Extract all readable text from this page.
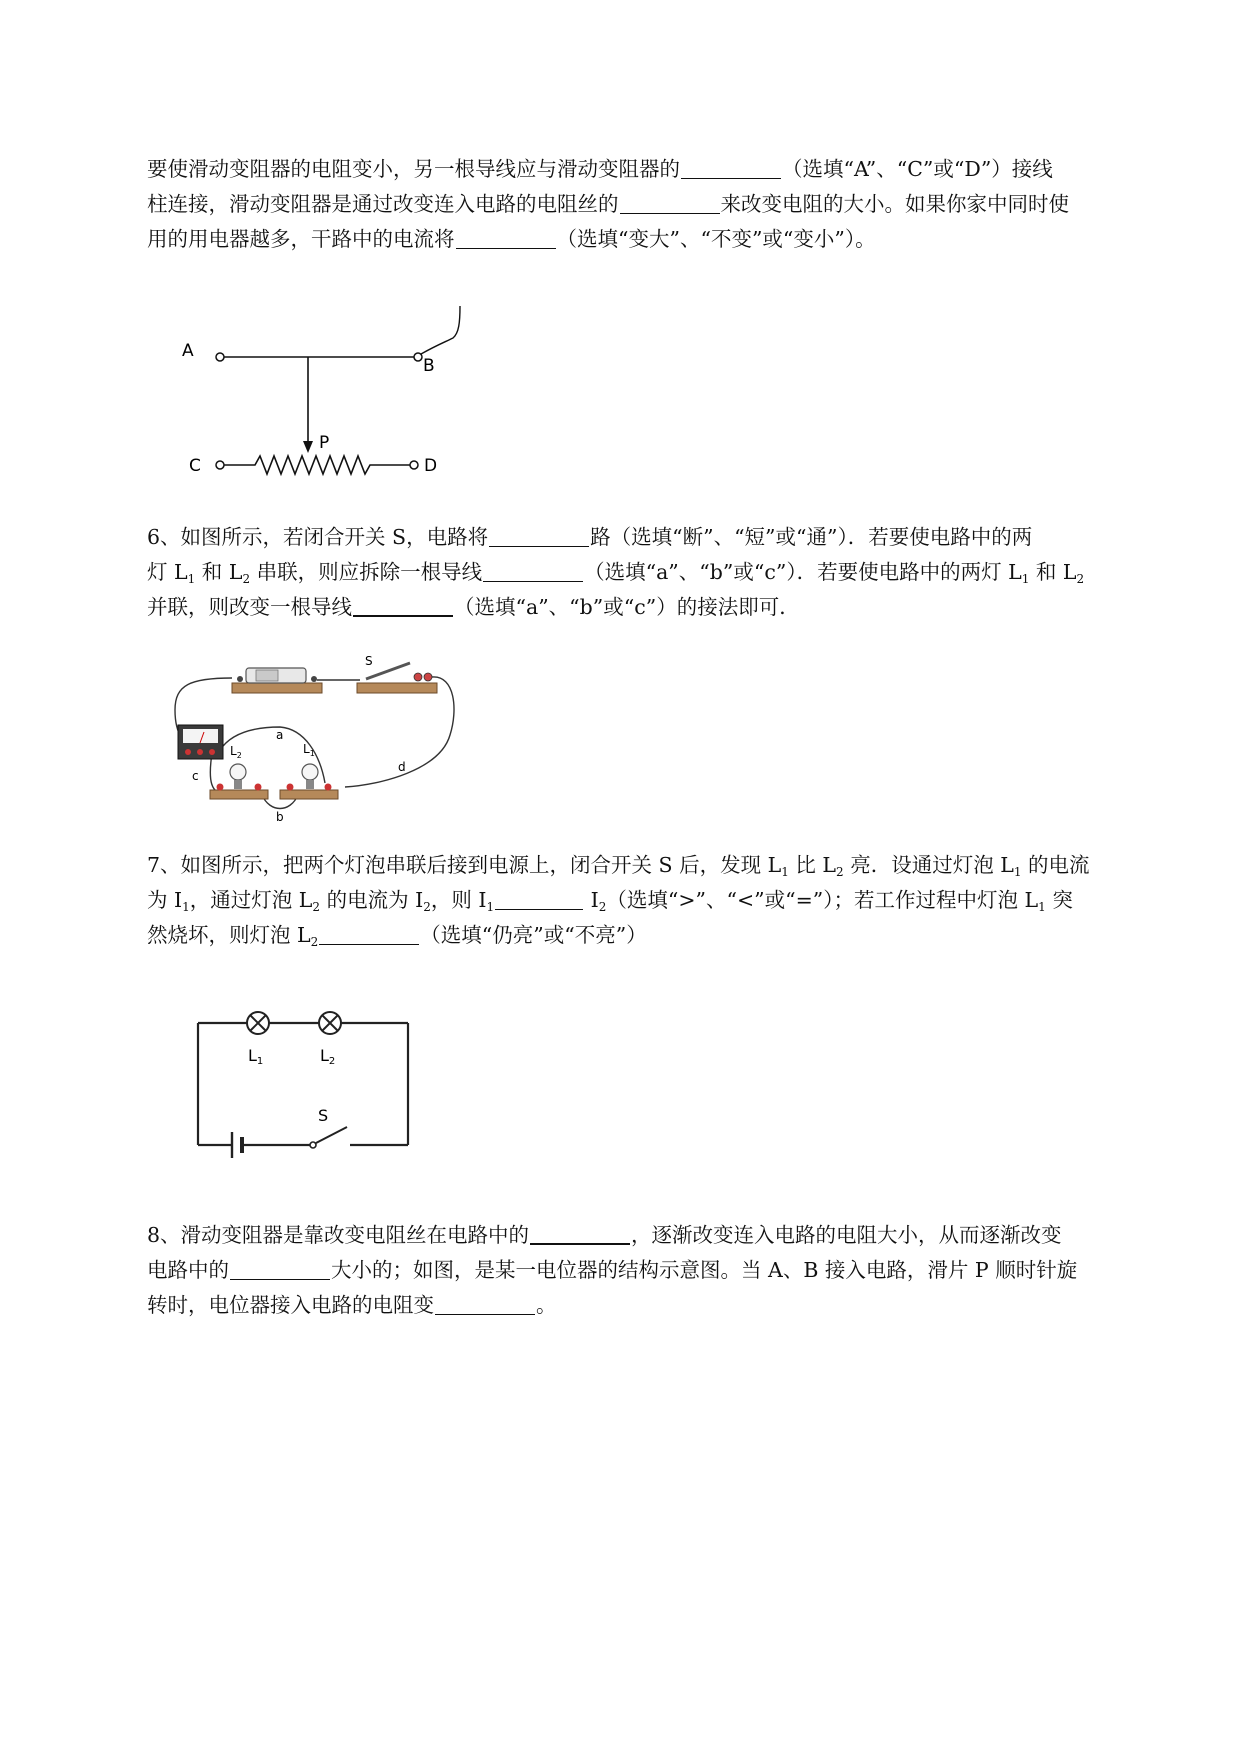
要使滑动变阻器的电阻变小，另一根导线应与滑动变阻器的	（选填“A”、“C”或“D”）接线
柱连接，滑动变阻器是通过改变连入电路的电阻丝的	来改变电阻的大小。如果你家中同时使
用的用电器越多，干路中的电流将	（选填“变大”、“不变”或“变小”）。
A
B
P
C	D
6、如图所示，若闭合开关 S，电路将	路（选填“断”、“短”或“通”）．若要使电路中的两
灯 $L_1$ 和 $L_2$ 串联，则应拆除一根导线	（选填“a”、“b”或“c”）．若要使电路中的两灯 $L_1$ 和 $L_2$
并联，则改变一根导线	（选填“a”、“b”或“c”）的接法即可．
S
$L_2$	$L_1$
a
c
b
d
7、如图所示，把两个灯泡串联后接到电源上，闭合开关 S 后，发现 $L_1$ 比 $L_2$ 亮．设通过灯泡 $L_1$ 的电流
为 $I_1$，通过灯泡 $L_2$ 的电流为 $I_2$，则 $I_1$	$I_2$（选填“>”、“<”或“=”）；若工作过程中灯泡 $L_1$ 突
然烧坏，则灯泡 $L_2$	（选填“仍亮”或“不亮”）
S
L1	L2
8、滑动变阻器是靠改变电阻丝在电路中的	，逐渐改变连入电路的电阻大小，从而逐渐改变
电路中的	大小的；如图，是某一电位器的结构示意图。当 A、B 接入电路，滑片 P 顺时针旋
转时，电位器接入电路的电阻变	。
